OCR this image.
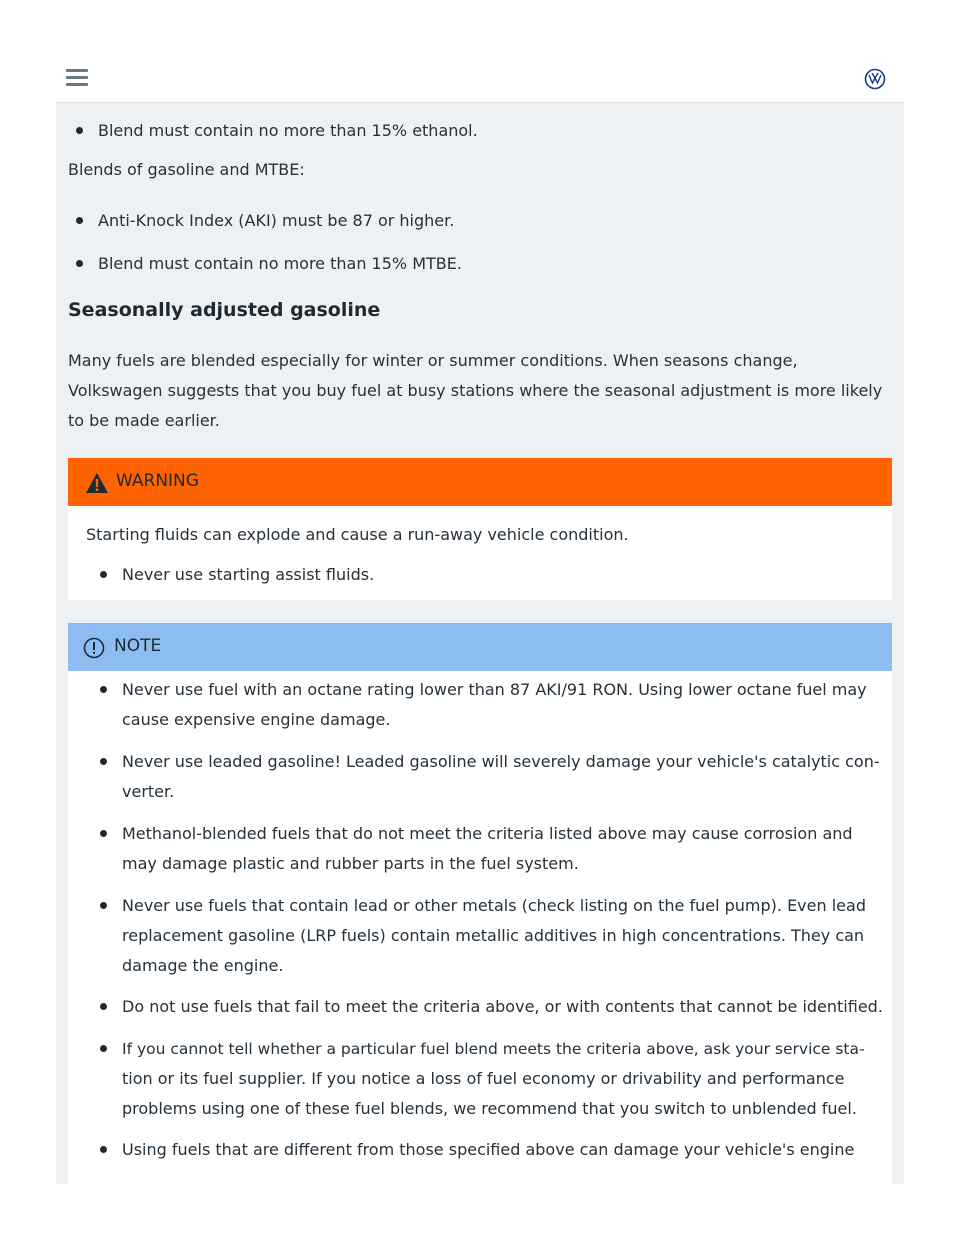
Blend must contain no more than 15% ethanol.
Blends of gasoline and MTBE:
Anti-Knock Index (AKI) must be 87 or higher.
Blend must contain no more than 15% MTBE.
Seasonally adjusted gasoline
Many fuels are blended especially for winter or summer conditions. When seasons change,
Volkswagen suggests that you buy fuel at busy stations where the seasonal adjustment is more likely
to be made earlier.
WARNING
Starting fluids can explode and cause a run-away vehicle condition.
Never use starting assist fluids.
NOTE
Never use fuel with an octane rating lower than 87 AKI/91 RON. Using lower octane fuel may
cause expensive engine damage.
Never use leaded gasoline! Leaded gasoline will severely damage your vehicle's catalytic con-
verter.
Methanol-blended fuels that do not meet the criteria listed above may cause corrosion and
may damage plastic and rubber parts in the fuel system.
Never use fuels that contain lead or other metals (check listing on the fuel pump). Even lead
replacement gasoline (LRP fuels) contain metallic additives in high concentrations. They can
damage the engine.
Do not use fuels that fail to meet the criteria above, or with contents that cannot be identified.
If you cannot tell whether a particular fuel blend meets the criteria above, ask your service sta-
tion or its fuel supplier. If you notice a loss of fuel economy or drivability and performance
problems using one of these fuel blends, we recommend that you switch to unblended fuel.
Using fuels that are different from those specified above can damage your vehicle's engine
